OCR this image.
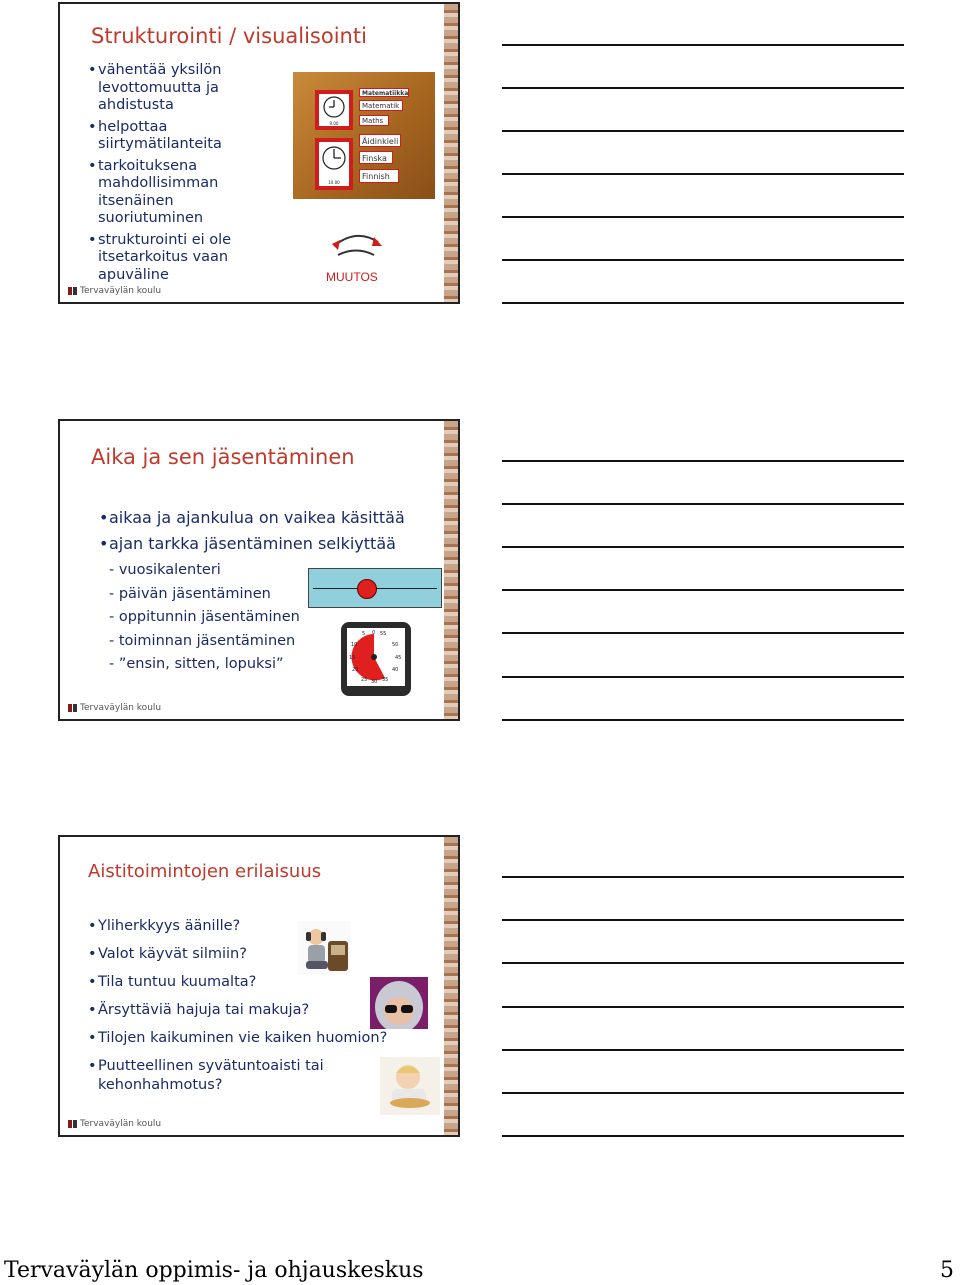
Strukturointi / visualisointi
• vähentää yksilön levottomuutta ja ahdistusta
• helpottaa siirtymätilanteita
• tarkoituksena mahdollisimman itsenäinen suoriutuminen
• strukturointi ei ole itsetarkoitus vaan apuväline
9.00
10.00
Matematiikka
Matematik
Maths
Äidinkieli
Finska
Finnish
MUUTOS
Tervaväylän koulu
Aika ja sen jäsentäminen
• aikaa ja ajankulua on vaikea käsittää
• ajan tarkka jäsentäminen selkiyttää
- vuosikalenteri
- päivän jäsentäminen
- oppitunnin jäsentäminen
- toiminnan jäsentäminen
- ”ensin, sitten, lopuksi”
0
5	55
10	50
15	45
20	40
25 30 35
Tervaväylän koulu
Aistitoimintojen erilaisuus
• Yliherkkyys äänille?
• Valot käyvät silmiin?
• Tila tuntuu kuumalta?
• Ärsyttäviä hajuja tai makuja?
• Tilojen kaikuminen vie kaiken huomion?
• Puutteellinen syvätuntoaisti tai kehonhahmotus?
Tervaväylän koulu
Tervaväylän oppimis- ja ohjauskeskus	5
